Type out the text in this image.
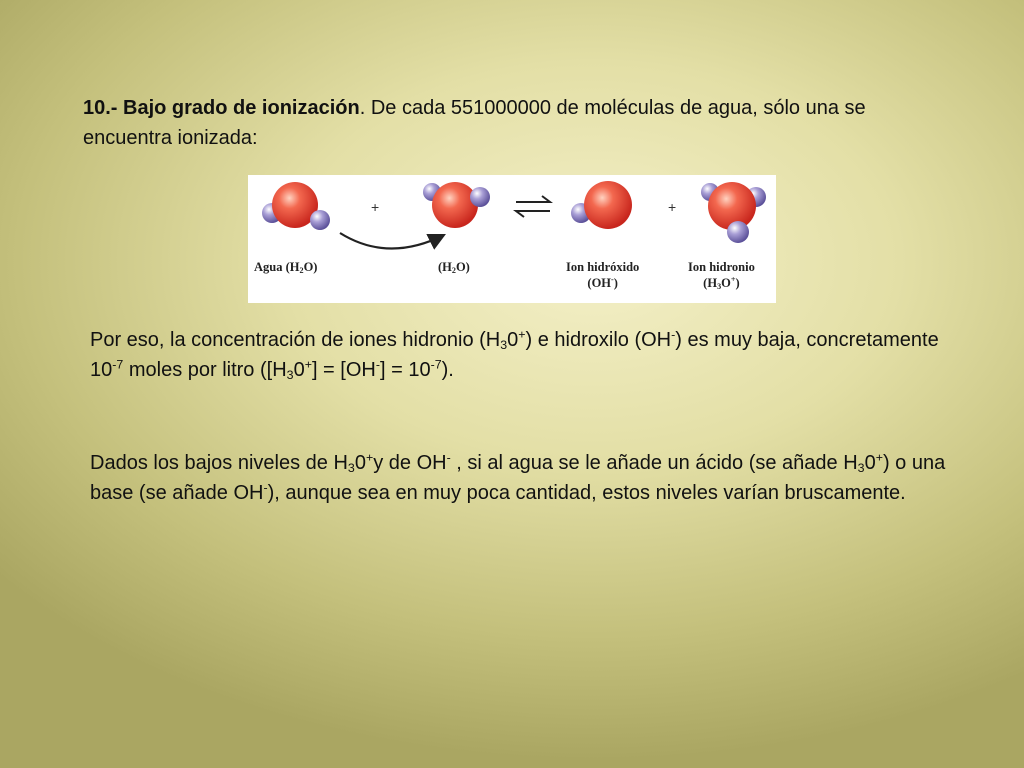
10.- Bajo grado de ionización. De cada 551000000 de moléculas de agua, sólo una se encuentra ionizada:

+	+
Agua $(H_2O)$	$(H_2O)$	Ion hidróxido
(OH-)
Ion hidronio
$(H_3O^+)$

Por eso, la concentración de iones hidronio $(H_30^+)$ e hidroxilo (OH-) es muy baja, concretamente $10^{-7}$ moles por litro $([H_30^+] = [OH^-] = 10^{-7})$.

Dados los bajos niveles de $H_30^+y$ de OH- , si al agua se le añade un ácido (se añade $H_30^+$) o una base (se añade OH-), aunque sea en muy poca cantidad, estos niveles varían bruscamente.
